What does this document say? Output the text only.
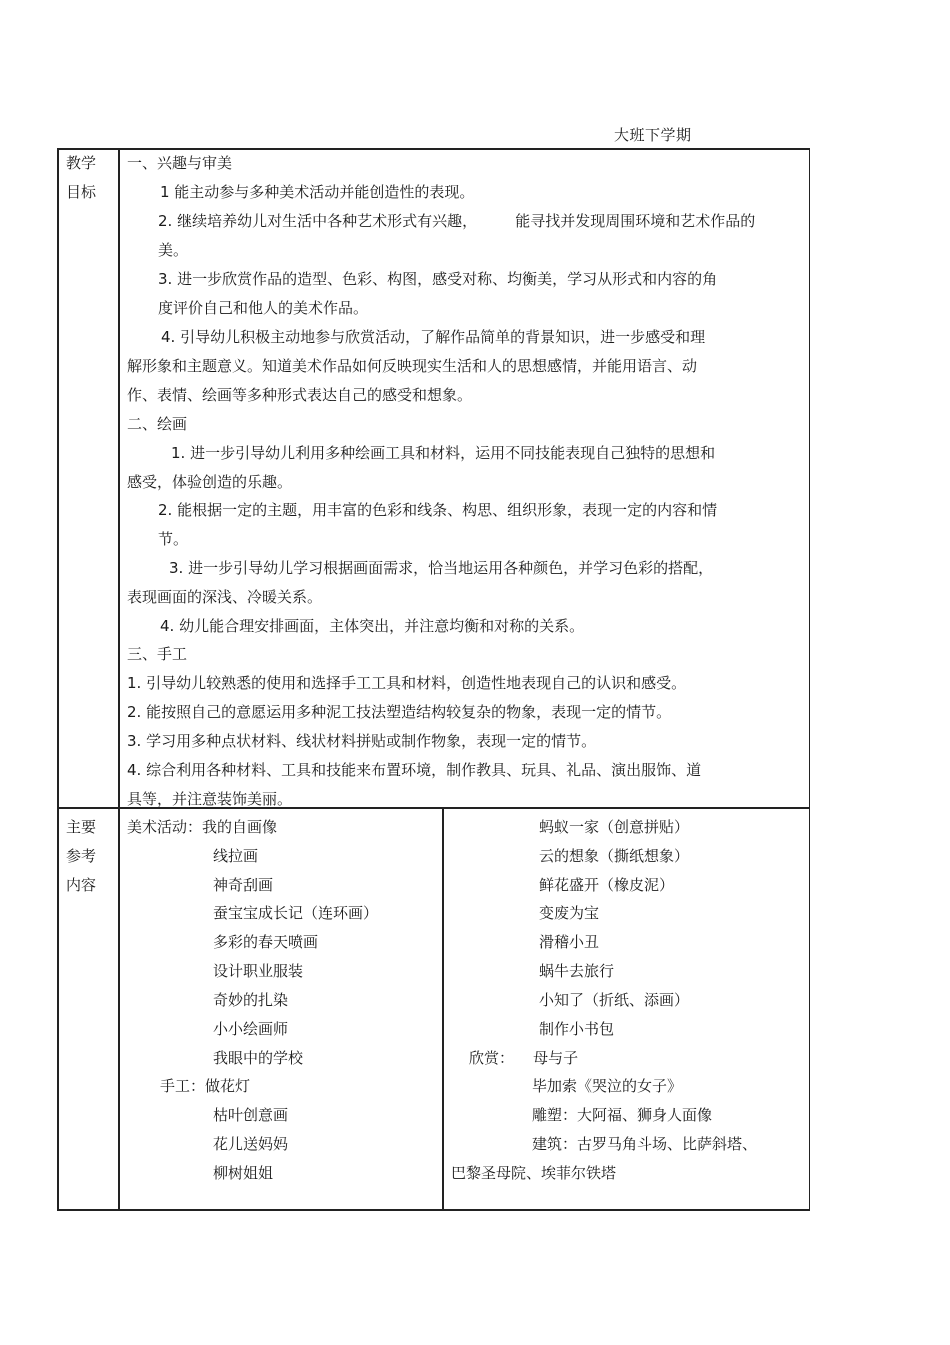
大班下学期
教学
目标
一、兴趣与审美
1 能主动参与多种美术活动并能创造性的表现。
2. 继续培养幼儿对生活中各种艺术形式有兴趣，        能寻找并发现周围环境和艺术作品的
美。
3. 进一步欣赏作品的造型、色彩、构图，感受对称、均衡美，学习从形式和内容的角
度评价自己和他人的美术作品。
4. 引导幼儿积极主动地参与欣赏活动，了解作品简单的背景知识，进一步感受和理
解形象和主题意义。知道美术作品如何反映现实生活和人的思想感情，并能用语言、动
作、表情、绘画等多种形式表达自己的感受和想象。
二、绘画
1. 进一步引导幼儿利用多种绘画工具和材料，运用不同技能表现自己独特的思想和
感受，体验创造的乐趣。
2. 能根据一定的主题，用丰富的色彩和线条、构思、组织形象，表现一定的内容和情
节。
3. 进一步引导幼儿学习根据画面需求，恰当地运用各种颜色，并学习色彩的搭配，
表现画面的深浅、冷暖关系。
4. 幼儿能合理安排画面，主体突出，并注意均衡和对称的关系。
三、手工
1. 引导幼儿较熟悉的使用和选择手工工具和材料，创造性地表现自己的认识和感受。
2. 能按照自己的意愿运用多种泥工技法塑造结构较复杂的物象，表现一定的情节。
3. 学习用多种点状材料、线状材料拼贴或制作物象，表现一定的情节。
4. 综合利用各种材料、工具和技能来布置环境，制作教具、玩具、礼品、演出服饰、道
具等，并注意装饰美丽。
主要
参考
内容
美术活动：我的自画像
线拉画
神奇刮画
蚕宝宝成长记（连环画）
多彩的春天喷画
设计职业服装
奇妙的扎染
小小绘画师
我眼中的学校
手工：做花灯
枯叶创意画
花儿送妈妈
柳树姐姐
蚂蚁一家（创意拼贴）
云的想象（撕纸想象）
鲜花盛开（橡皮泥）
变废为宝
滑稽小丑
蜗牛去旅行
小知了（折纸、添画）
制作小书包
欣赏：    母与子
毕加索《哭泣的女子》
雕塑：大阿福、狮身人面像
建筑：古罗马角斗场、比萨斜塔、
巴黎圣母院、埃菲尔铁塔
